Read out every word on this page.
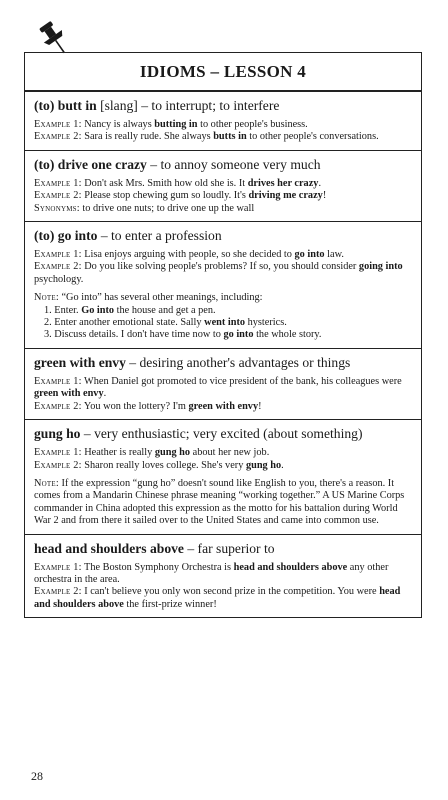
IDIOMS – LESSON 4

(to) butt in [slang] – to interrupt; to interfere

Example 1: Nancy is always butting in to other people's business.

Example 2: Sara is really rude. She always butts in to other people's conversations.

(to) drive one crazy – to annoy someone very much

Example 1: Don't ask Mrs. Smith how old she is. It drives her crazy.

Example 2: Please stop chewing gum so loudly. It's driving me crazy!

Synonyms: to drive one nuts; to drive one up the wall

(to) go into – to enter a profession

Example 1: Lisa enjoys arguing with people, so she decided to go into law.

Example 2: Do you like solving people's problems? If so, you should consider going into psychology.

Note: “Go into” has several other meanings, including:

1. Enter. Go into the house and get a pen.

2. Enter another emotional state. Sally went into hysterics.

3. Discuss details. I don't have time now to go into the whole story.

green with envy – desiring another's advantages or things

Example 1: When Daniel got promoted to vice president of the bank, his colleagues were green with envy.

Example 2: You won the lottery? I'm green with envy!

gung ho – very enthusiastic; very excited (about something)

Example 1: Heather is really gung ho about her new job.

Example 2: Sharon really loves college. She's very gung ho.

Note: If the expression “gung ho” doesn't sound like English to you, there's a reason. It comes from a Mandarin Chinese phrase meaning “working together.” A US Marine Corps commander in China adopted this expression as the motto for his battalion during World War 2 and from there it sailed over to the United States and came into common use.

head and shoulders above – far superior to

Example 1: The Boston Symphony Orchestra is head and shoulders above any other orchestra in the area.

Example 2: I can't believe you only won second prize in the competition. You were head and shoulders above the first-prize winner!

28
